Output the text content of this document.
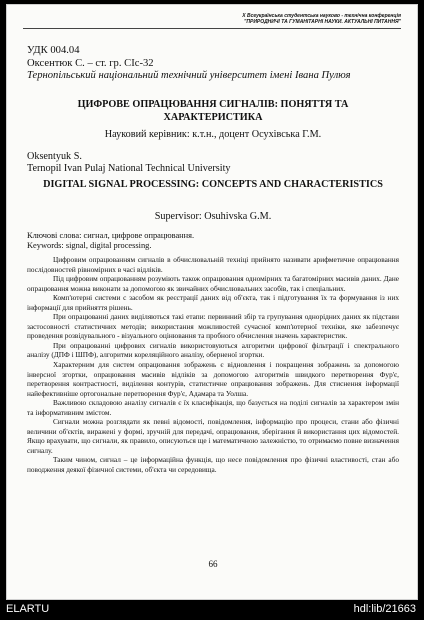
X Всеукраїнська студентська науково - технічна конференція
"ПРИРОДНИЧІ ТА ГУМАНІТАРНІ НАУКИ. АКТУАЛЬНІ ПИТАННЯ"
УДК 004.04
Оксентюк С. – ст. гр. СІс-32
Тернопільський національний технічний університет імені Івана Пулюя
ЦИФРОВЕ ОПРАЦЮВАННЯ СИГНАЛІВ: ПОНЯТТЯ ТА ХАРАКТЕРИСТИКА
Науковий керівник: к.т.н., доцент Осухівська Г.М.
Oksentyuk S.
Ternopil Ivan Pulaj National Technical University
DIGITAL SIGNAL PROCESSING: CONCEPTS AND CHARACTERISTICS
Supervisor: Osuhivska G.M.
Ключові слова: сигнал, цифрове опрацювання.
Keywords: signal, digital processing.

Цифровим опрацюванням сигналів в обчислювальній техніці прийнято називати арифметичне опрацювання послідовностей рівномірних в часі відліків.

Під цифровим опрацюванням розуміють також опрацювання одномірних та багатомірних масивів даних. Дане опрацювання можна виконати за допомогою як звичайних обчислювальних засобів, так і спеціальних.

Комп'ютерні системи с засобом як реєстрації даних від об'єкта, так і підготування їх та формування із них інформації для прийняття рішень.

При опрацюванні даних виділяються такі етапи: первинний збір та групування однорідних даних як підстави застосовності статистичних методів; використання можливостей сучасної комп'ютерної техніки, яке забезпечує проведення розвідувального - візуального оцінювання та пробного обчислення значень характеристик.

При опрацюванні цифрових сигналів використовуються алгоритми цифрової фільтрації і спектрального аналізу (ДПФ і ШПФ), алгоритми кореляційного аналізу, оберненої згортки.

Характерним для систем опрацювання зображень є відновлення і покращення зображень за допомогою інверсної згортки, опрацювання масивів відліків за допомогою алгоритмів швидкого перетворення Фур'є, перетворення контрастності, виділення контурів, статистичне опрацювання зображень. Для стиснення інформації найефективніше ортогональне перетворення Фур'є, Адамара та Уолша.

Важливою складовою аналізу сигналів є їх класифікація, що базується на поділі сигналів за характером змін та інформативним змістом.

Сигнали можна розглядати як певні відомості, повідомлення, інформацію про процеси, стани або фізичні величини об'єктів, виражені у формі, зручній для передачі, опрацювання, зберігання й використання цих відомостей. Якщо врахувати, що сигнали, як правило, описуються ще і математичною залежністю, то отримаємо повне визначення сигналу.

Таким чином, сигнал – це інформаційна функція, що несе повідомлення про фізичні властивості, стан або поводження деякої фізичної системи, об'єкта чи середовища.

66
ELARTU	hdl:lib/21663
